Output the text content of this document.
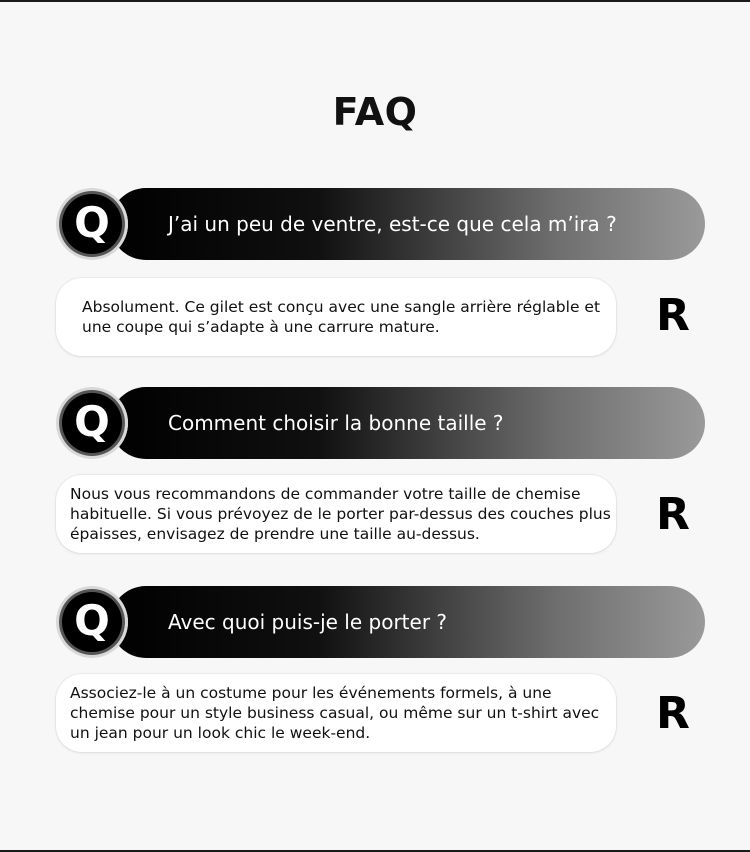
FAQ
J’ai un peu de ventre, est-ce que cela m’ira ?
Q
Absolument. Ce gilet est conçu avec une sangle arrière réglable et une coupe qui s’adapte à une carrure mature.	R
Comment choisir la bonne taille ?
Q
Nous vous recommandons de commander votre taille de chemise habituelle. Si vous prévoyez de le porter par-dessus des couches plus épaisses, envisagez de prendre une taille au-dessus.	R
Avec quoi puis-je le porter ?
Q
Associez-le à un costume pour les événements formels, à une chemise pour un style business casual, ou même sur un t-shirt avec un jean pour un look chic le week-end.	R
